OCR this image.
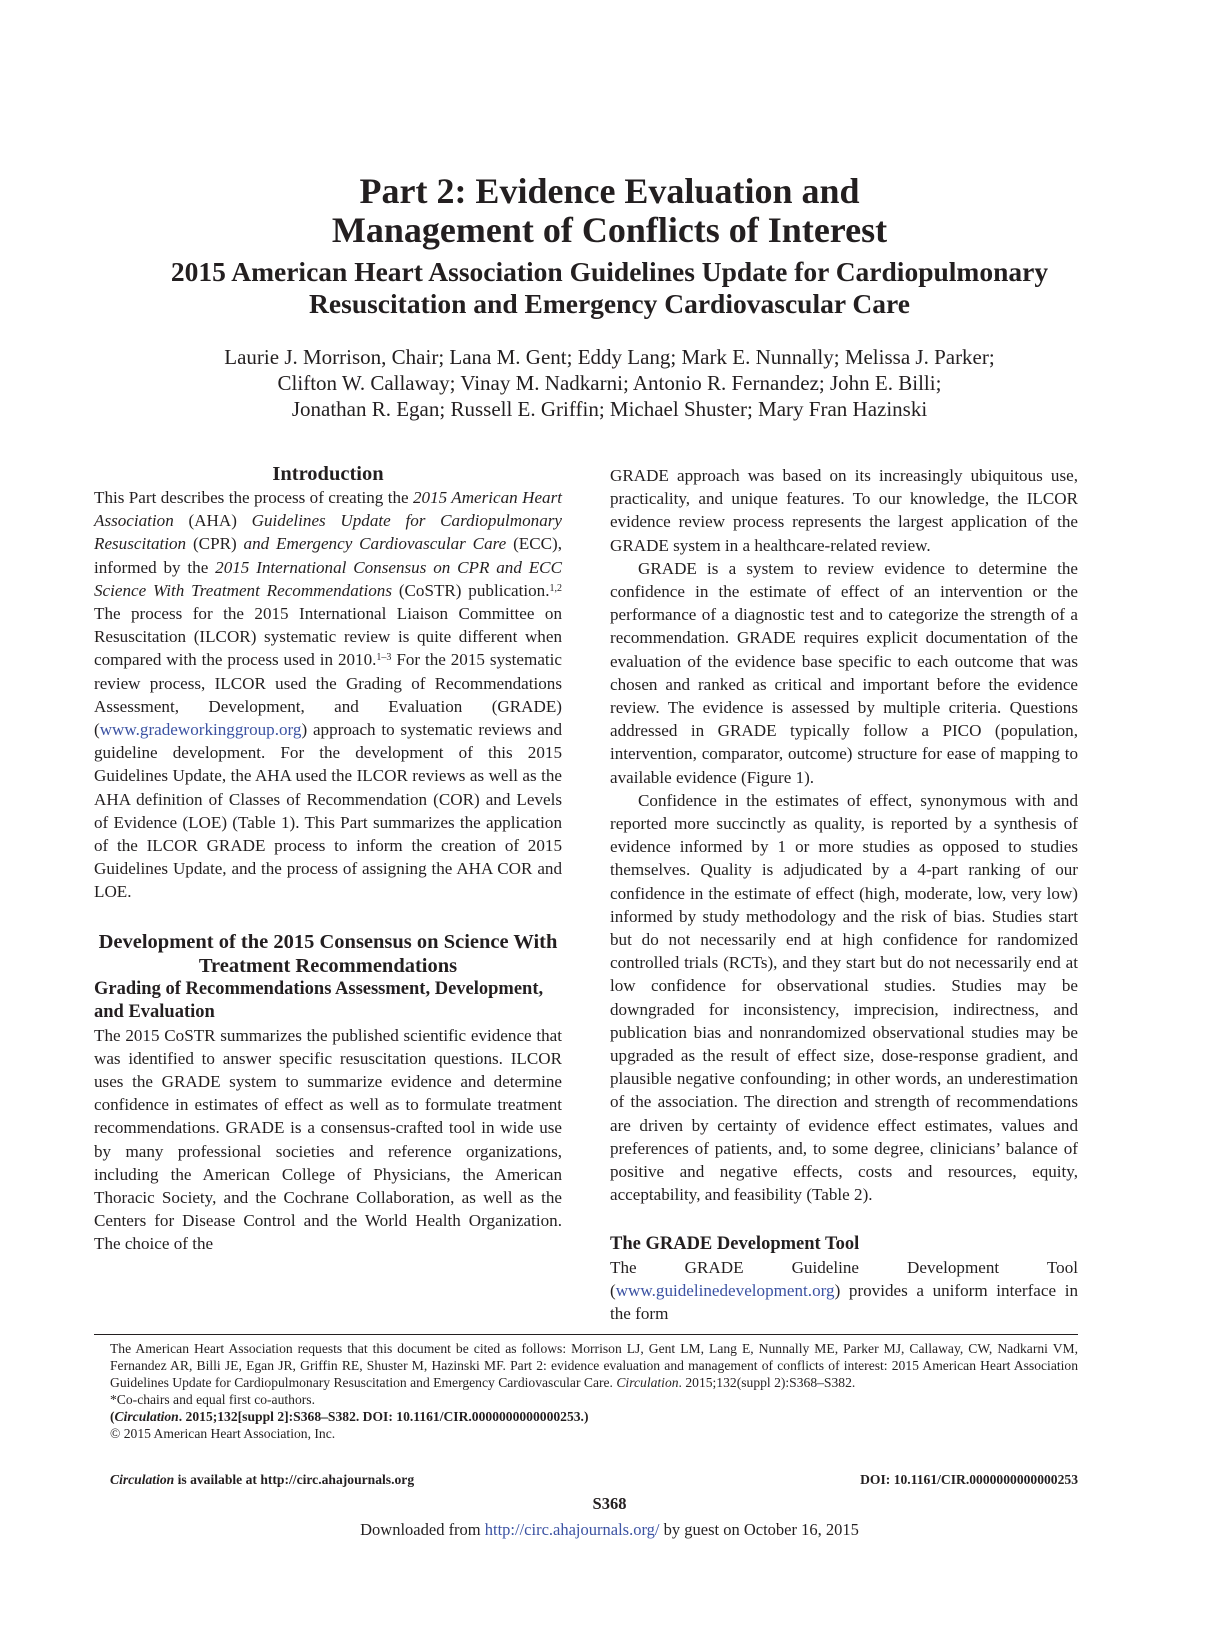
Part 2: Evidence Evaluation and
Management of Conflicts of Interest
2015 American Heart Association Guidelines Update for Cardiopulmonary
Resuscitation and Emergency Cardiovascular Care
Laurie J. Morrison, Chair; Lana M. Gent; Eddy Lang; Mark E. Nunnally; Melissa J. Parker;
Clifton W. Callaway; Vinay M. Nadkarni; Antonio R. Fernandez; John E. Billi;
Jonathan R. Egan; Russell E. Griffin; Michael Shuster; Mary Fran Hazinski
Introduction

This Part describes the process of creating the 2015 American Heart Association (AHA) Guidelines Update for Cardiopulmonary Resuscitation (CPR) and Emergency Cardiovascular Care (ECC), informed by the 2015 International Consensus on CPR and ECC Science With Treatment Recommendations (CoSTR) publication.$^{1,2}$ The process for the 2015 International Liaison Committee on Resuscitation (ILCOR) systematic review is quite different when compared with the process used in 2010.$^{1-3}$ For the 2015 systematic review process, ILCOR used the Grading of Recommendations Assessment, Development, and Evaluation (GRADE) (www.gradeworkinggroup.org) approach to systematic reviews and guideline development. For the development of this 2015 Guidelines Update, the AHA used the ILCOR reviews as well as the AHA definition of Classes of Recommendation (COR) and Levels of Evidence (LOE) (Table 1). This Part summarizes the application of the ILCOR GRADE process to inform the creation of 2015 Guidelines Update, and the process of assigning the AHA COR and LOE.

Development of the 2015 Consensus on Science With Treatment Recommendations
Grading of Recommendations Assessment, Development, and Evaluation

The 2015 CoSTR summarizes the published scientific evidence that was identified to answer specific resuscitation questions. ILCOR uses the GRADE system to summarize evidence and determine confidence in estimates of effect as well as to formulate treatment recommendations. GRADE is a consensus-crafted tool in wide use by many professional societies and reference organizations, including the American College of Physicians, the American Thoracic Society, and the Cochrane Collaboration, as well as the Centers for Disease Control and the World Health Organization. The choice of the

GRADE approach was based on its increasingly ubiquitous use, practicality, and unique features. To our knowledge, the ILCOR evidence review process represents the largest application of the GRADE system in a healthcare-related review.

GRADE is a system to review evidence to determine the confidence in the estimate of effect of an intervention or the performance of a diagnostic test and to categorize the strength of a recommendation. GRADE requires explicit documentation of the evaluation of the evidence base specific to each outcome that was chosen and ranked as critical and important before the evidence review. The evidence is assessed by multiple criteria. Questions addressed in GRADE typically follow a PICO (population, intervention, comparator, outcome) structure for ease of mapping to available evidence (Figure 1).

Confidence in the estimates of effect, synonymous with and reported more succinctly as quality, is reported by a synthesis of evidence informed by 1 or more studies as opposed to studies themselves. Quality is adjudicated by a 4-part ranking of our confidence in the estimate of effect (high, moderate, low, very low) informed by study methodology and the risk of bias. Studies start but do not necessarily end at high confidence for randomized controlled trials (RCTs), and they start but do not necessarily end at low confidence for observational studies. Studies may be downgraded for inconsistency, imprecision, indirectness, and publication bias and nonrandomized observational studies may be upgraded as the result of effect size, dose-response gradient, and plausible negative confounding; in other words, an underestimation of the association. The direction and strength of recommendations are driven by certainty of evidence effect estimates, values and preferences of patients, and, to some degree, clinicians’ balance of positive and negative effects, costs and resources, equity, acceptability, and feasibility (Table 2).

The GRADE Development Tool

The GRADE Guideline Development Tool (www.guidelinedevelopment.org) provides a uniform interface in the form

The American Heart Association requests that this document be cited as follows: Morrison LJ, Gent LM, Lang E, Nunnally ME, Parker MJ, Callaway, CW, Nadkarni VM, Fernandez AR, Billi JE, Egan JR, Griffin RE, Shuster M, Hazinski MF. Part 2: evidence evaluation and management of conflicts of interest: 2015 American Heart Association Guidelines Update for Cardiopulmonary Resuscitation and Emergency Cardiovascular Care. Circulation. 2015;132(suppl 2):S368–S382.

*Co-chairs and equal first co-authors.

(Circulation. 2015;132[suppl 2]:S368–S382. DOI: 10.1161/CIR.0000000000000253.)

© 2015 American Heart Association, Inc.

Circulation is available at http://circ.ahajournals.org	DOI: 10.1161/CIR.0000000000000253
S368
Downloaded from http://circ.ahajournals.org/ by guest on October 16, 2015
